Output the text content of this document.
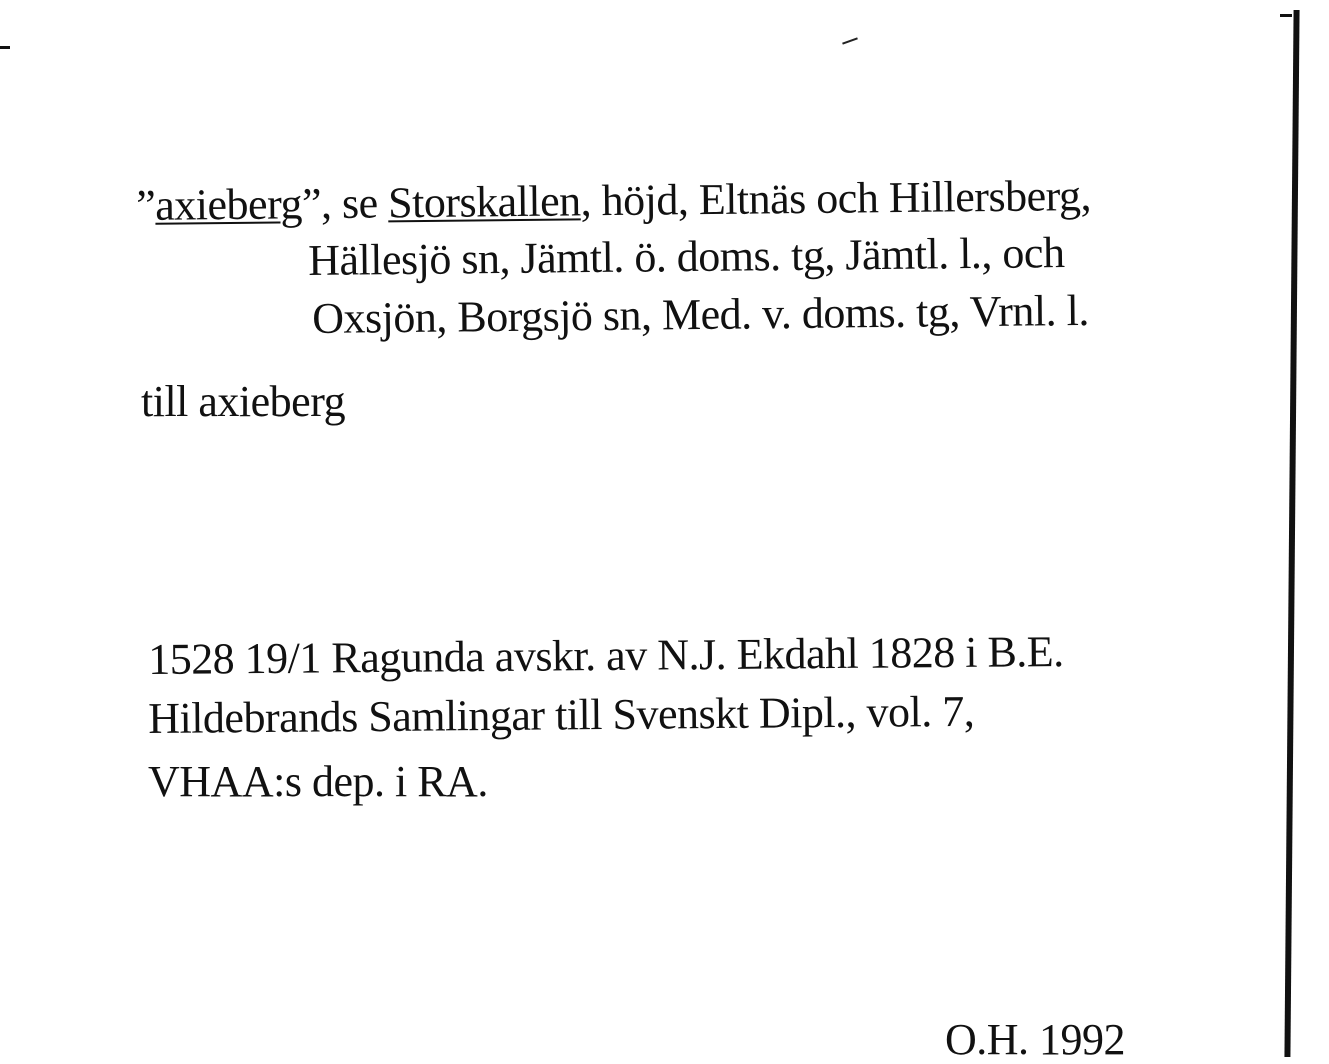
”axieberg”, se Storskallen, höjd, Eltnäs och Hillersberg,
Hällesjö sn, Jämtl. ö. doms. tg, Jämtl. l., och
Oxsjön, Borgsjö sn, Med. v. doms. tg, Vrnl. l.
till axieberg
1528 19/1 Ragunda avskr. av N.J. Ekdahl 1828 i B.E.
Hildebrands Samlingar till Svenskt Dipl., vol. 7,
VHAA:s dep. i RA.
O.H. 1992
